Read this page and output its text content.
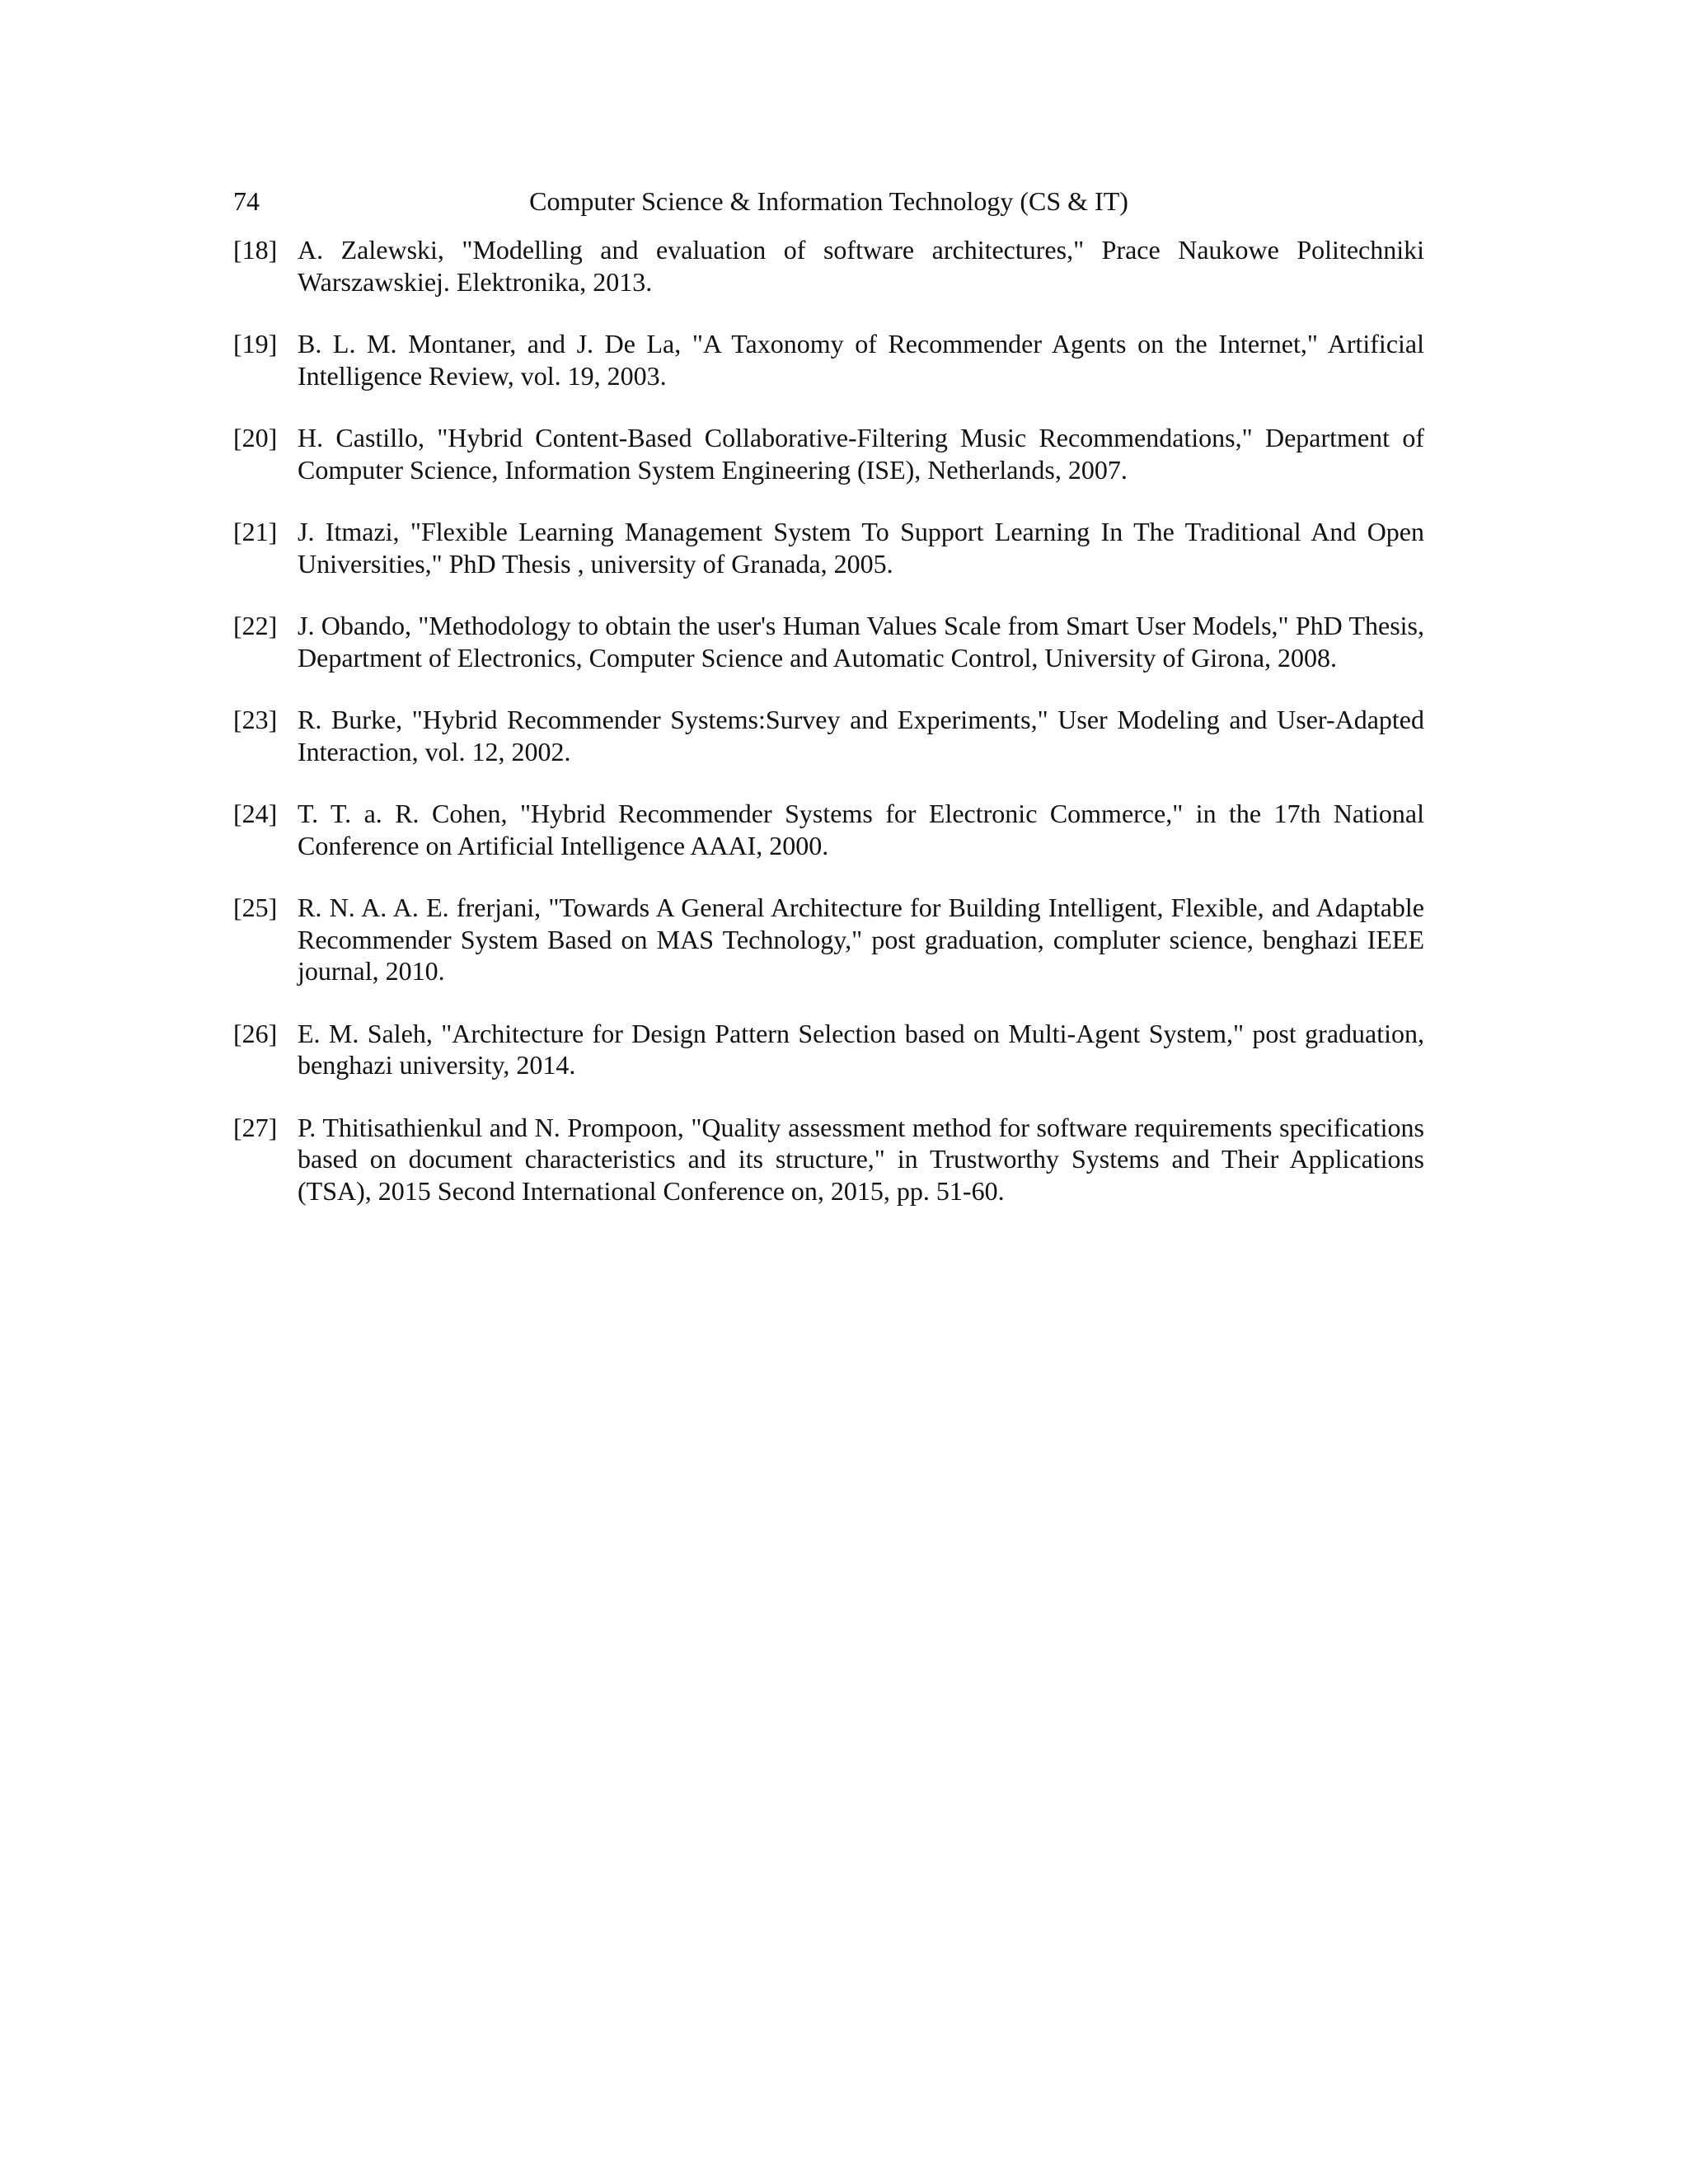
74	Computer Science & Information Technology (CS & IT)
[18] A. Zalewski, "Modelling and evaluation of software architectures," Prace Naukowe Politechniki Warszawskiej. Elektronika, 2013.
[19] B. L. M. Montaner, and J. De La, "A Taxonomy of Recommender Agents on the Internet," Artificial Intelligence Review, vol. 19, 2003.
[20] H. Castillo, "Hybrid Content-Based Collaborative-Filtering Music Recommendations," Department of Computer Science, Information System Engineering (ISE), Netherlands, 2007.
[21] J. Itmazi, "Flexible Learning Management System To Support Learning In The Traditional And Open Universities," PhD Thesis , university of Granada, 2005.
[22] J. Obando, "Methodology to obtain the user's Human Values Scale from Smart User Models," PhD Thesis, Department of Electronics, Computer Science and Automatic Control, University of Girona, 2008.
[23] R. Burke, "Hybrid Recommender Systems:Survey and Experiments," User Modeling and User-Adapted Interaction, vol. 12, 2002.
[24] T. T. a. R. Cohen, "Hybrid Recommender Systems for Electronic Commerce," in the 17th National Conference on Artificial Intelligence AAAI, 2000.
[25] R. N. A. A. E. frerjani, "Towards A General Architecture for Building Intelligent, Flexible, and Adaptable Recommender System Based on MAS Technology," post graduation, compluter science, benghazi IEEE journal, 2010.
[26] E. M. Saleh, "Architecture for Design Pattern Selection based on Multi-Agent System," post graduation, benghazi university, 2014.
[27] P. Thitisathienkul and N. Prompoon, "Quality assessment method for software requirements specifications based on document characteristics and its structure," in Trustworthy Systems and Their Applications (TSA), 2015 Second International Conference on, 2015, pp. 51-60.
